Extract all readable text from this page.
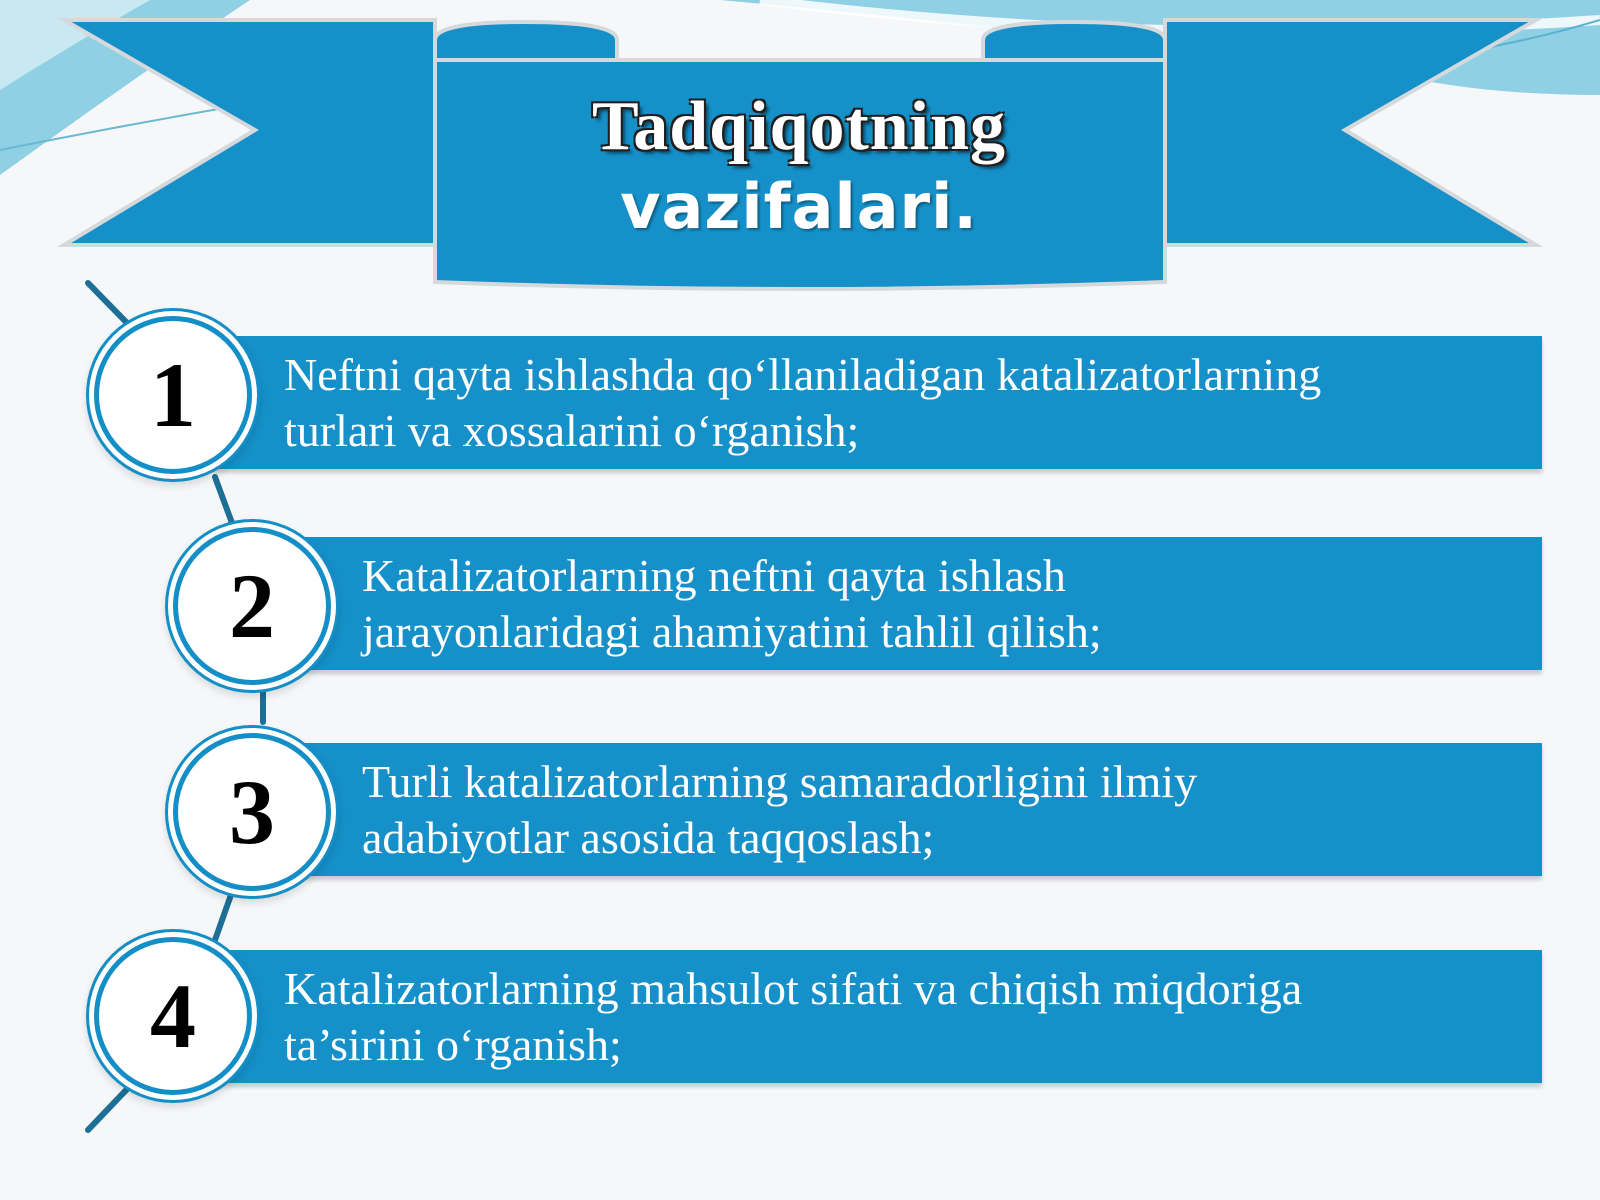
Tadqiqotning
vazifalari.
Neftni qayta ishlashda qo‘llaniladigan katalizatorlarning
turlari va xossalarini o‘rganish;
1
Katalizatorlarning neftni qayta ishlash
jarayonlaridagi ahamiyatini tahlil qilish;
2
Turli katalizatorlarning samaradorligini ilmiy
adabiyotlar asosida taqqoslash;
3
Katalizatorlarning mahsulot sifati va chiqish miqdoriga
ta’sirini o‘rganish;
4
